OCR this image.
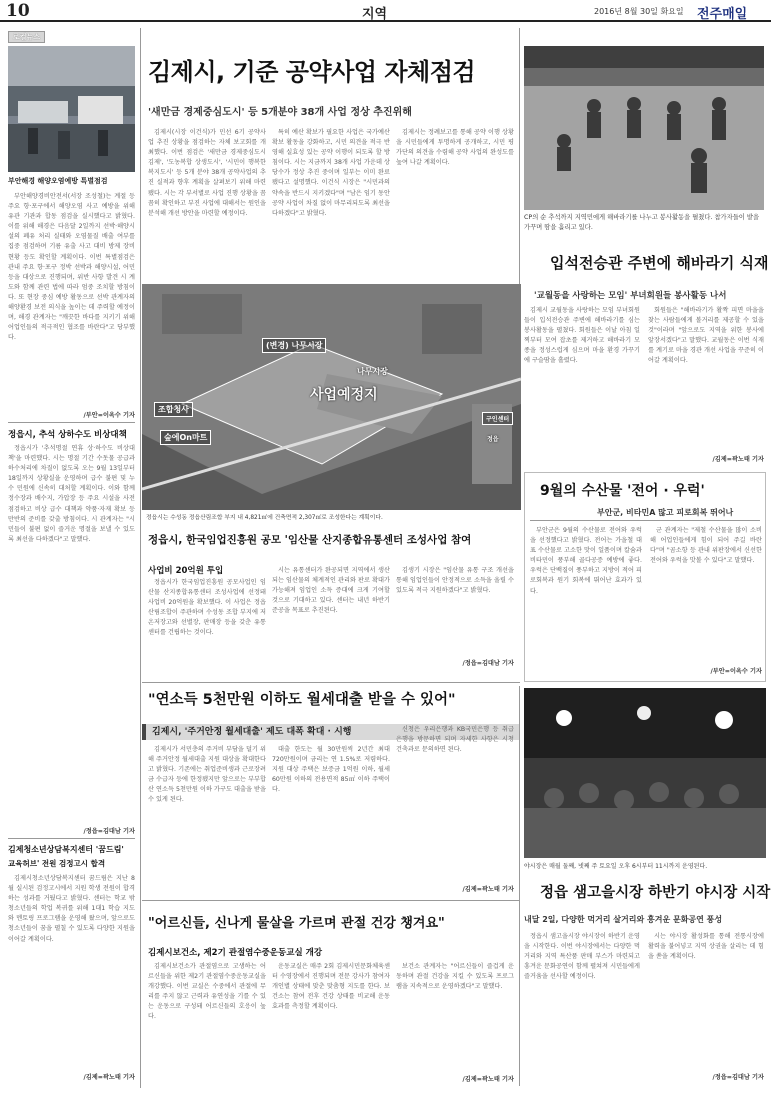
10	지역	2016년 8월 30일 화요일 전주매일
로컬뉴스
부안해경 해양오염예방 특별점검

부안해양경비안전서(서장 조성철)는 계절 등 주요 항·포구에서 해양오염 사고 예방을 위해 유관 기관과 합동 점검을 실시했다고 밝혔다. 이를 위해 해경은 다음달 2일까지 선박·해양시설의 폐유 처리 실태와 오염물질 배출 여부를 집중 점검하며 기름 유출 사고 대비 방제 장비 현황 등도 확인할 계획이다. 이번 특별점검은 관내 주요 항·포구 정박 선박과 해양시설, 어민 등을 대상으로 진행되며, 위반 사항 발견 시 계도와 함께 관련 법에 따라 엄중 조치할 방침이다. 또 현장 중심 예방 활동으로 선박 관계자의 해양환경 보전 의식을 높이는 데 주력할 예정이며, 해경 관계자는 "깨끗한 바다를 지키기 위해 어업인들의 적극적인 협조를 바란다"고 당부했다.

/부안=이옥수 기자
정읍시, 추석 상하수도 비상대책

정읍시가 '추석명절 연휴 상·하수도 비상대책'을 마련했다. 시는 명절 기간 수돗물 공급과 하수처리에 차질이 없도록 오는 9월 13일부터 18일까지 상황실을 운영하며 급수 불편 및 누수 민원에 신속히 대처할 계획이다. 이와 함께 정수장과 배수지, 가압장 등 주요 시설을 사전 점검하고 비상 급수 대책과 약품·자재 확보 등 만반의 준비를 갖출 방침이다. 시 관계자는 "시민들이 불편 없이 즐거운 명절을 보낼 수 있도록 최선을 다하겠다"고 말했다.

/정읍=김대남 기자
김제청소년상담복지센터 '꿈드림'
교육허브' 전원 검정고시 합격

김제시청소년상담복지센터 꿈드림은 지난 8월 실시된 검정고시에서 지원 학생 전원이 합격하는 성과를 거뒀다고 밝혔다. 센터는 학교 밖 청소년들의 학업 복귀를 위해 1대1 학습 지도와 멘토링 프로그램을 운영해 왔으며, 앞으로도 청소년들이 꿈을 펼칠 수 있도록 다양한 지원을 이어갈 계획이다.

/김제=곽노태 기자
김제시, 기준 공약사업 자체점검
'새만금 경제중심도시' 등 5개분야 38개 사업 정상 추진위해

김제시(시장 이건식)가 민선 6기 공약사업 추진 상황을 점검하는 자체 보고회를 개최했다. 이번 점검은 '새만금 경제중심도시 김제', '도농복합 상생도시', '시민이 행복한 복지도시' 등 5개 분야 38개 공약사업의 추진 실적과 향후 계획을 살펴보기 위해 마련됐다. 시는 각 부서별로 사업 진행 상황을 꼼꼼히 확인하고 부진 사업에 대해서는 원인을 분석해 개선 방안을 마련할 예정이다.

특히 예산 확보가 필요한 사업은 국가예산 확보 활동을 강화하고, 시민 의견을 적극 반영해 실효성 있는 공약 이행이 되도록 할 방침이다. 시는 지금까지 38개 사업 가운데 상당수가 정상 추진 중이며 일부는 이미 완료됐다고 설명했다. 이건식 시장은 "시민과의 약속을 반드시 지키겠다"며 "남은 임기 동안 공약 사업이 차질 없이 마무리되도록 최선을 다하겠다"고 밝혔다.

김제시는 정례보고를 통해 공약 이행 상황을 시민들에게 투명하게 공개하고, 시민 평가단의 의견을 수렴해 공약 사업의 완성도를 높여 나갈 계획이다.

CP의 순 추석까지 지역민에게 해바라기를 나누고 봉사활동을 펼쳤다. 참가자들이 밭을 가꾸며 땀을 흘리고 있다.
입석전승관 주변에 해바라기 식재
'교월동을 사랑하는 모임' 부녀회원들 봉사활동 나서

김제시 교월동을 사랑하는 모임 부녀회원들이 입석전승관 주변에 해바라기를 심는 봉사활동을 펼쳤다. 회원들은 이날 아침 일찍부터 모여 잡초를 제거하고 해바라기 모종을 정성스럽게 심으며 마을 환경 가꾸기에 구슬땀을 흘렸다.

회원들은 "해바라기가 활짝 피면 마을을 찾는 사람들에게 볼거리를 제공할 수 있을 것"이라며 "앞으로도 지역을 위한 봉사에 앞장서겠다"고 말했다. 교월동은 이번 식재를 계기로 마을 경관 개선 사업을 꾸준히 이어갈 계획이다.

/김제=곽노태 기자
(변경) 나무시장
나무시장
사업예정지
조합청사
숲에On마트
구인센터
정읍
정읍시는 수성동 정읍산림조합 부지 내 4,821㎡에 건축면적 2,307㎡로 조성한다는 계획이다.
정읍시, 한국임업진흥원 공모 '임산물 산지종합유통센터 조성사업 참여
사업비 20억원 투입

정읍시가 한국임업진흥원 공모사업인 임산물 산지종합유통센터 조성사업에 선정돼 사업비 20억원을 확보했다. 이 사업은 정읍산림조합이 주관하며 수성동 조합 부지에 저온저장고와 선별장, 판매장 등을 갖춘 유통센터를 건립하는 것이다.

시는 유통센터가 완공되면 지역에서 생산되는 임산물의 체계적인 관리와 판로 확대가 가능해져 임업인 소득 증대에 크게 기여할 것으로 기대하고 있다. 센터는 내년 하반기 준공을 목표로 추진된다.

김생기 시장은 "임산물 유통 구조 개선을 통해 임업인들이 안정적으로 소득을 올릴 수 있도록 적극 지원하겠다"고 밝혔다.

/정읍=김대남 기자
9월의 수산물 '전어 · 우럭'
부안군, 비타민A 많고 피로회복 뛰어나

부안군은 9월의 수산물로 전어와 우럭을 선정했다고 밝혔다. 전어는 가을철 대표 수산물로 고소한 맛이 일품이며 칼슘과 비타민이 풍부해 골다공증 예방에 좋다. 우럭은 단백질이 풍부하고 지방이 적어 피로회복과 원기 회복에 뛰어난 효과가 있다.

군 관계자는 "제철 수산물을 많이 소비해 어업인들에게 힘이 되어 주길 바란다"며 "곰소항 등 관내 위판장에서 신선한 전어와 우럭을 맛볼 수 있다"고 말했다.

/부안=이옥수 기자
"연소득 5천만원 이하도 월세대출 받을 수 있어"
김제시, '주거안정 월세대출' 제도 대폭 확대 · 시행

김제시가 서민층의 주거비 부담을 덜기 위해 주거안정 월세대출 지원 대상을 확대한다고 밝혔다. 기존에는 취업준비생과 근로장려금 수급자 등에 한정됐지만 앞으로는 부부합산 연소득 5천만원 이하 가구도 대출을 받을 수 있게 된다.

대출 한도는 월 30만원씩 2년간 최대 720만원이며 금리는 연 1.5%로 저렴하다. 지원 대상 주택은 보증금 1억원 이하, 월세 60만원 이하의 전용면적 85㎡ 이하 주택이다.

신청은 우리은행과 KB국민은행 등 취급 은행을 방문하면 되며 자세한 사항은 시청 건축과로 문의하면 된다.

/김제=곽노태 기자
야시장은 매월 둘째, 넷째 주 토요일 오후 6시부터 11시까지 운영된다.
정읍 샘고을시장 하반기 야시장 시작
내달 2일, 다양한 먹거리 살거리와 흥겨운 문화공연 풍성

정읍시 샘고을시장 야시장이 하반기 운영을 시작한다. 이번 야시장에서는 다양한 먹거리와 지역 특산품 판매 부스가 마련되고 흥겨운 문화공연이 함께 펼쳐져 시민들에게 즐거움을 선사할 예정이다.

시는 야시장 활성화를 통해 전통시장에 활력을 불어넣고 지역 상권을 살리는 데 힘을 쏟을 계획이다.

/정읍=김대남 기자
"어르신들, 신나게 물살을 가르며 관절 건강 챙겨요"
김제시보건소, 제2기 관절염수중운동교실 개강

김제시보건소가 관절염으로 고생하는 어르신들을 위한 제2기 관절염수중운동교실을 개강했다. 이번 교실은 수중에서 관절에 무리를 주지 않고 근력과 유연성을 기를 수 있는 운동으로 구성돼 어르신들의 호응이 높다.

운동교실은 매주 2회 김제시민문화체육센터 수영장에서 진행되며 전문 강사가 참여자 개인별 상태에 맞춘 맞춤형 지도를 한다. 보건소는 참여 전후 건강 상태를 비교해 운동 효과를 측정할 계획이다.

보건소 관계자는 "어르신들이 즐겁게 운동하며 관절 건강을 지킬 수 있도록 프로그램을 지속적으로 운영하겠다"고 말했다.

/김제=곽노태 기자
